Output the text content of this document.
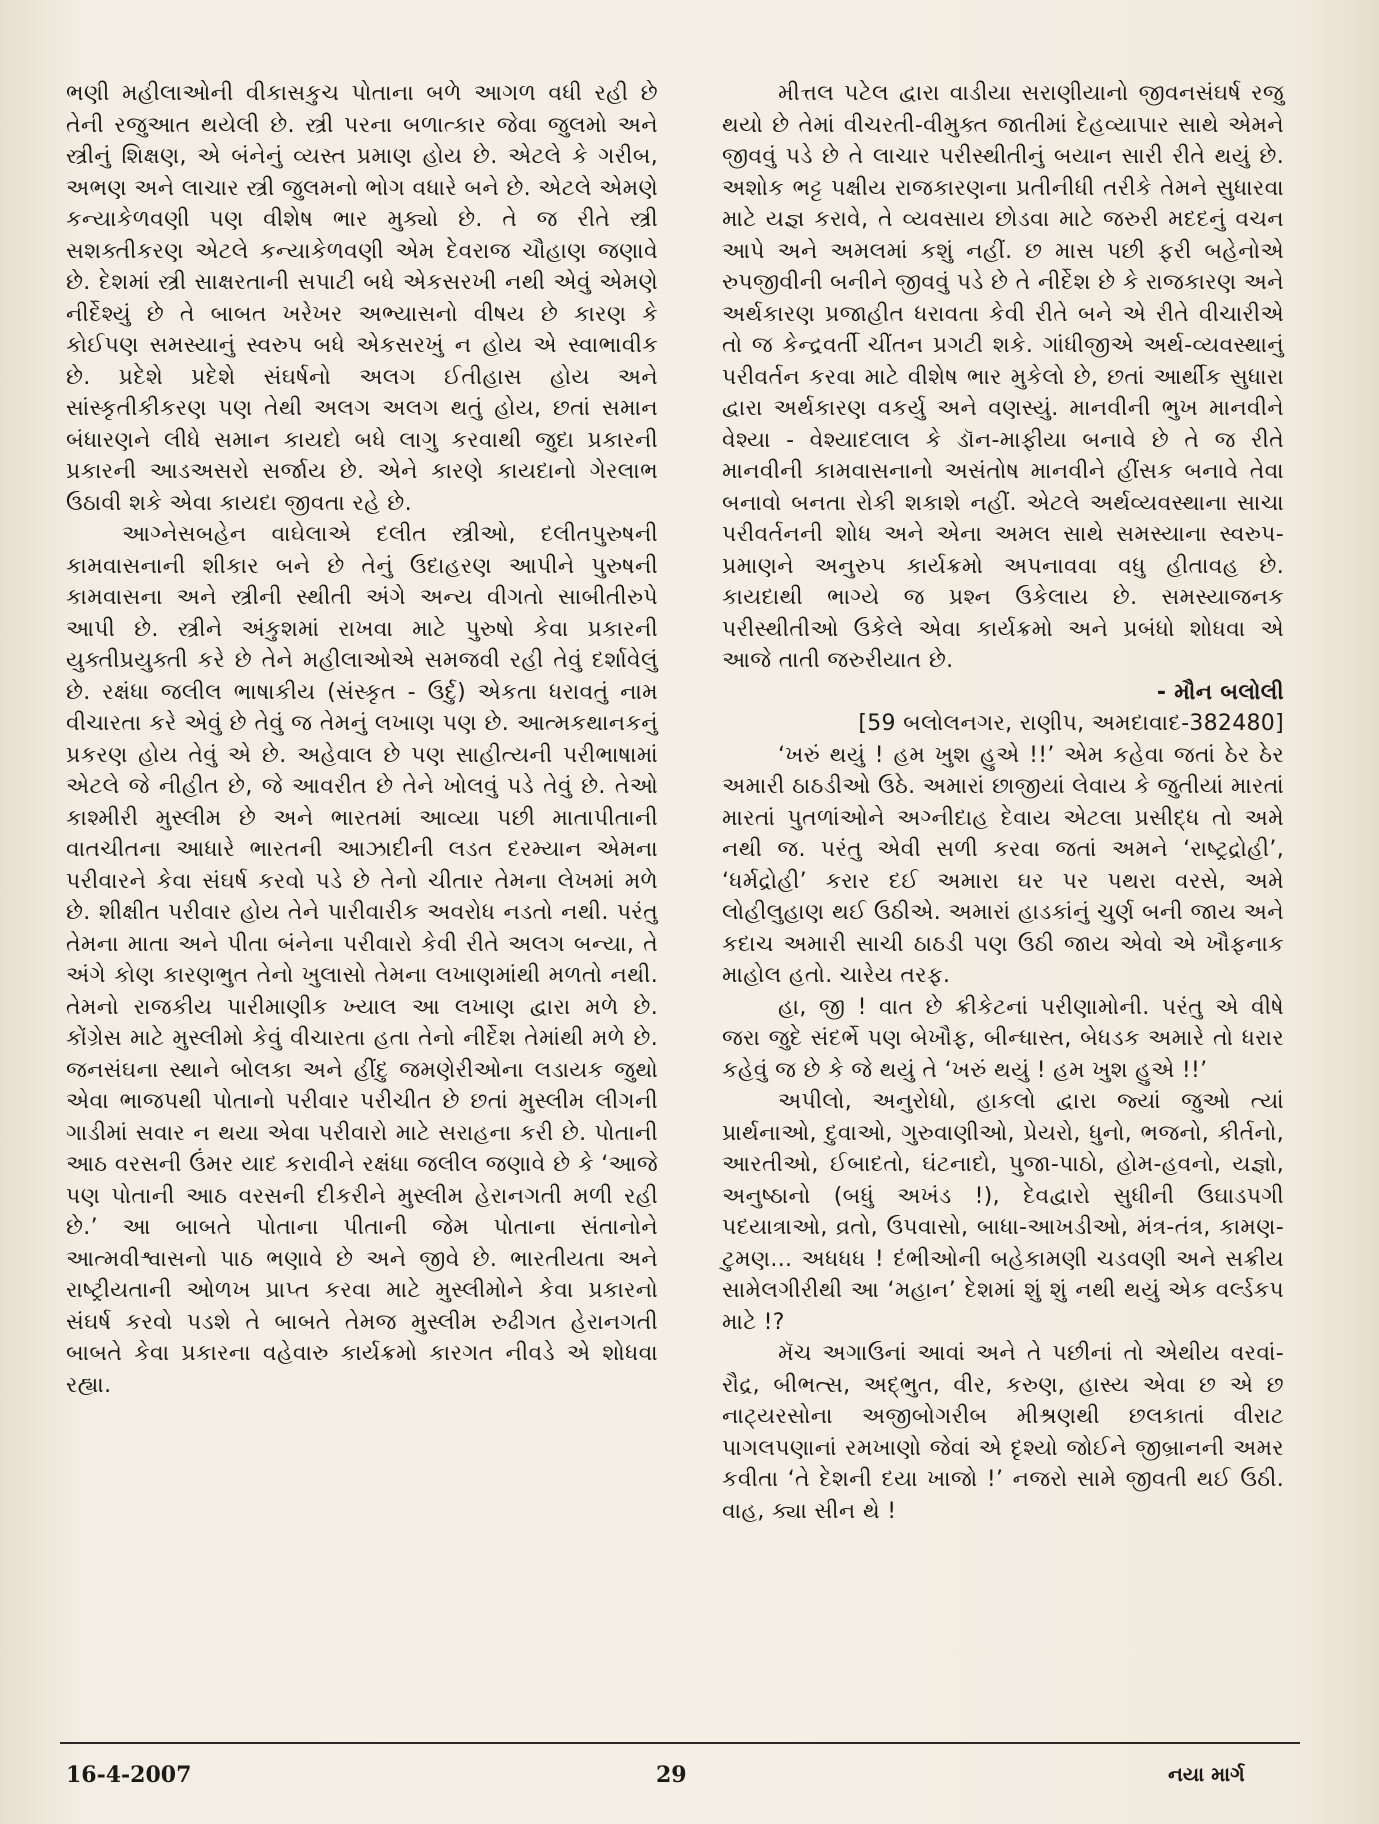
ભણી મહીલાઓની વીકાસકુચ પોતાના બળે આગળ વધી રહી છે તેની રજુઆત થયેલી છે. સ્ત્રી પરના બળાત્કાર જેવા જુલમો અને સ્ત્રીનું શિક્ષણ, એ બંનેનું વ્યસ્ત પ્રમાણ હોય છે. એટલે કે ગરીબ, અભણ અને લાચાર સ્ત્રી જુલમનો ભોગ વધારે બને છે. એટલે એમણે કન્યાકેળવણી પણ વીશેષ ભાર મુક્યો છે. તે જ રીતે સ્ત્રી સશક્તીકરણ એટલે કન્યાકેળવણી એમ દેવરાજ ચૌહાણ જણાવે છે. દેશમાં સ્ત્રી સાક્ષરતાની સપાટી બધે એકસરખી નથી એવું એમણે નીર્દેશ્યું છે તે બાબત ખરેખર અભ્યાસનો વીષય છે કારણ કે કોઈપણ સમસ્યાનું સ્વરુપ બધે એકસરખું ન હોય એ સ્વાભાવીક છે. પ્રદેશે પ્રદેશે સંઘર્ષનો અલગ ઈતીહાસ હોય અને સાંસ્કૃતીકીકરણ પણ તેથી અલગ અલગ થતું હોય, છતાં સમાન બંધારણને લીધે સમાન કાયદો બધે લાગુ કરવાથી જુદા પ્રકારની પ્રકારની આડઅસરો સર્જાય છે. એને કારણે કાયદાનો ગેરલાભ ઉઠાવી શકે એવા કાયદા જીવતા રહે છે.

આગ્નેસબહેન વાઘેલાએ દલીત સ્ત્રીઓ, દલીતપુરુષની કામવાસનાની શીકાર બને છે તેનું ઉદાહરણ આપીને પુરુષની કામવાસના અને સ્ત્રીની સ્થીતી અંગે અન્ય વીગતો સાબીતીરુપે આપી છે. સ્ત્રીને અંકુશમાં રાખવા માટે પુરુષો કેવા પ્રકારની યુક્તીપ્રયુક્તી કરે છે તેને મહીલાઓએ સમજવી રહી તેવું દર્શાવેલું છે. રક્ષંધા જલીલ ભાષાકીય (સંસ્કૃત - ઉર્દુ) એકતા ધરાવતું નામ વીચારતા કરે એવું છે તેવું જ તેમનું લખાણ પણ છે. આત્મકથાનકનું પ્રકરણ હોય તેવું એ છે. અહેવાલ છે પણ સાહીત્યની પરીભાષામાં એટલે જે નીહીત છે, જે આવરીત છે તેને ખોલવું પડે તેવું છે. તેઓ કાશ્મીરી મુસ્લીમ છે અને ભારતમાં આવ્યા પછી માતાપીતાની વાતચીતના આધારે ભારતની આઝાદીની લડત દરમ્યાન એમના પરીવારને કેવા સંઘર્ષ કરવો પડે છે તેનો ચીતાર તેમના લેખમાં મળે છે. શીક્ષીત પરીવાર હોય તેને પારીવારીક અવરોધ નડતો નથી. પરંતુ તેમના માતા અને પીતા બંનેના પરીવારો કેવી રીતે અલગ બન્યા, તે અંગે કોણ કારણભુત તેનો ખુલાસો તેમના લખાણમાંથી મળતો નથી. તેમનો રાજકીય પારીમાણીક ખ્યાલ આ લખાણ દ્વારા મળે છે. કોંગ્રેસ માટે મુસ્લીમો કેવું વીચારતા હતા તેનો નીર્દેશ તેમાંથી મળે છે. જનસંઘના સ્થાને બોલકા અને હીંદુ જમણેરીઓના લડાયક જુથો એવા ભાજપથી પોતાનો પરીવાર પરીચીત છે છતાં મુસ્લીમ લીગની ગાડીમાં સવાર ન થયા એવા પરીવારો માટે સરાહના કરી છે. પોતાની આઠ વરસની ઉંમર યાદ કરાવીને રક્ષંધા જલીલ જણાવે છે કે ‘આજે પણ પોતાની આઠ વરસની દીકરીને મુસ્લીમ હેરાનગતી મળી રહી છે.’ આ બાબતે પોતાના પીતાની જેમ પોતાના સંતાનોને આત્મવીશ્વાસનો પાઠ ભણાવે છે અને જીવે છે. ભારતીયતા અને રાષ્ટ્રીયતાની ઓળખ પ્રાપ્ત કરવા માટે મુસ્લીમોને કેવા પ્રકારનો સંઘર્ષ કરવો પડશે તે બાબતે તેમજ મુસ્લીમ રુઢીગત હેરાનગતી બાબતે કેવા પ્રકારના વહેવારુ કાર્યક્રમો કારગત નીવડે એ શોધવા રહ્યા.

મીત્તલ પટેલ દ્વારા વાડીયા સરાણીયાનો જીવનસંઘર્ષ રજુ થયો છે તેમાં વીચરતી-વીમુક્ત જાતીમાં દેહવ્યાપાર સાથે એમને જીવવું પડે છે તે લાચાર પરીસ્થીતીનું બયાન સારી રીતે થયું છે. અશોક ભટ્ટ પક્ષીય રાજકારણના પ્રતીનીધી તરીકે તેમને સુધારવા માટે યજ્ઞ કરાવે, તે વ્યવસાય છોડવા માટે જરુરી મદદનું વચન આપે અને અમલમાં કશું નહીં. છ માસ પછી ફરી બહેનોએ રુપજીવીની બનીને જીવવું પડે છે તે નીર્દેશ છે કે રાજકારણ અને અર્થકારણ પ્રજાહીત ધરાવતા કેવી રીતે બને એ રીતે વીચારીએ તો જ કેન્દ્રવર્તી ચીંતન પ્રગટી શકે. ગાંધીજીએ અર્થ-વ્યવસ્થાનું પરીવર્તન કરવા માટે વીશેષ ભાર મુકેલો છે, છતાં આર્થીક સુધારા દ્વારા અર્થકારણ વકર્યુ અને વણસ્યું. માનવીની ભુખ માનવીને વેશ્યા - વેશ્યાદલાલ કે ડૉન-માફીયા બનાવે છે તે જ રીતે માનવીની કામવાસનાનો અસંતોષ માનવીને હીંસક બનાવે તેવા બનાવો બનતા રોકી શકાશે નહીં. એટલે અર્થવ્યવસ્થાના સાચા પરીવર્તનની શોધ અને એના અમલ સાથે સમસ્યાના સ્વરુપ-પ્રમાણને અનુરુપ કાર્યક્રમો અપનાવવા વધુ હીતાવહ છે. કાયદાથી ભાગ્યે જ પ્રશ્ન ઉકેલાય છે. સમસ્યાજનક પરીસ્થીતીઓ ઉકેલે એવા કાર્યક્રમો અને પ્રબંધો શોધવા એ આજે તાતી જરુરીયાત છે.

- મૌન બલોલી

[59 બલોલનગર, રાણીપ, અમદાવાદ-382480]

‘ખરું થયું ! હમ ખુશ હુએ !!’ એમ કહેવા જતાં ઠેર ઠેર અમારી ઠાઠડીઓ ઉઠે. અમારાં છાજીયાં લેવાય કે જુતીયાં મારતાં મારતાં પુતળાંઓને અગ્નીદાહ દેવાય એટલા પ્રસીદ્ધ તો અમે નથી જ. પરંતુ એવી સળી કરવા જતાં અમને ‘રાષ્ટ્રદ્રોહી’, ‘ધર્મદ્રોહી’ કરાર દઈ અમારા ઘર પર પથરા વરસે, અમે લોહીલુહાણ થઈ ઉઠીએ. અમારાં હાડકાંનું ચુર્ણ બની જાય અને કદાચ અમારી સાચી ઠાઠડી પણ ઉઠી જાય એવો એ ખૌફનાક માહોલ હતો. ચારેય તરફ.

હા, જી ! વાત છે ક્રીકેટનાં પરીણામોની. પરંતુ એ વીષે જરા જુદે સંદર્ભે પણ બેખૌફ, બીન્ધાસ્ત, બેધડક અમારે તો ધરાર કહેવું જ છે કે જે થયું તે ‘ખરું થયું ! હમ ખુશ હુએ !!’

અપીલો, અનુરોધો, હાકલો દ્વારા જ્યાં જુઓ ત્યાં પ્રાર્થનાઓ, દુવાઓ, ગુરુવાણીઓ, પ્રેયરો, ધુનો, ભજનો, કીર્તનો, આરતીઓ, ઈબાદતો, ઘંટનાદો, પુજા-પાઠો, હોમ-હવનો, યજ્ઞો, અનુષ્ઠાનો (બધું અખંડ !), દેવદ્વારો સુધીની ઉઘાડપગી પદયાત્રાઓ, વ્રતો, ઉપવાસો, બાધા-આખડીઓ, મંત્ર-તંત્ર, કામણ-ટુમણ... અધધધ ! દંભીઓની બહેકામણી ચડવણી અને સક્રીય સામેલગીરીથી આ ‘મહાન’ દેશમાં શું શું નથી થયું એક વર્લ્ડકપ માટે !?

મૅચ અગાઉનાં આવાં અને તે પછીનાં તો એથીય વરવાં-રૌદ્ર, બીભત્સ, અદ્ભુત, વીર, કરુણ, હાસ્ય એવા છ એ છ નાટ્યરસોના અજીબોગરીબ મીશ્રણથી છલકાતાં વીરાટ પાગલપણાનાં રમખાણો જેવાં એ દૃશ્યો જોઈને જીબ્રાનની અમર કવીતા ‘તે દેશની દયા ખાજો !’ નજરો સામે જીવતી થઈ ઉઠી. વાહ, ક્યા સીન થે !

16-4-2007	29	નયા માર્ગ
